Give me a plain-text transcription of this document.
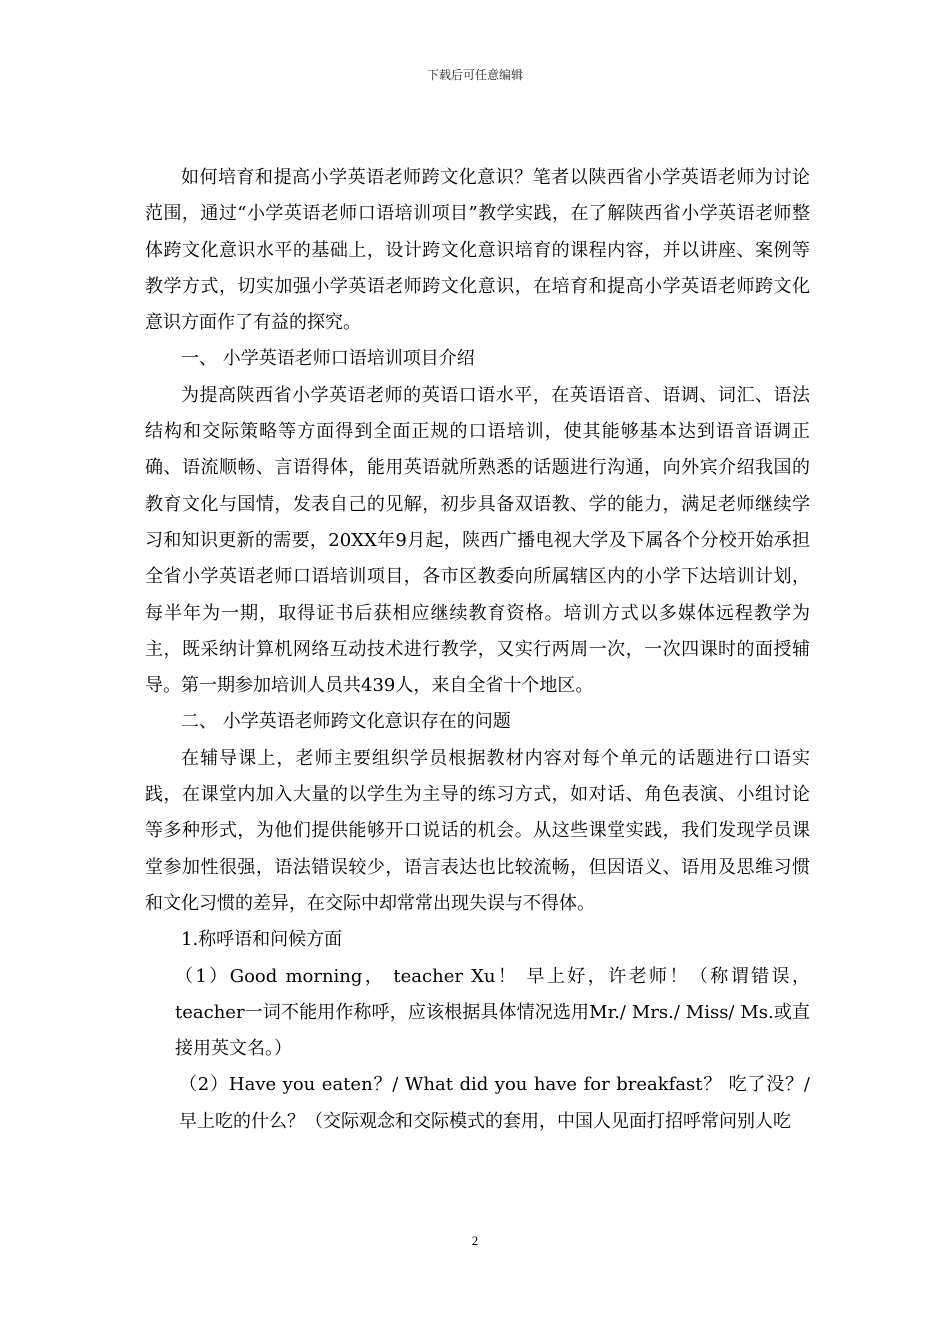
下载后可任意编辑

如何培育和提高小学英语老师跨文化意识？笔者以陕西省小学英语老师为讨论范围，通过“小学英语老师口语培训项目”教学实践，在了解陕西省小学英语老师整体跨文化意识水平的基础上，设计跨文化意识培育的课程内容，并以讲座、案例等教学方式，切实加强小学英语老师跨文化意识，在培育和提高小学英语老师跨文化意识方面作了有益的探究。

一、 小学英语老师口语培训项目介绍

为提高陕西省小学英语老师的英语口语水平，在英语语音、语调、词汇、语法结构和交际策略等方面得到全面正规的口语培训，使其能够基本达到语音语调正确、语流顺畅、言语得体，能用英语就所熟悉的话题进行沟通，向外宾介绍我国的教育文化与国情，发表自己的见解，初步具备双语教、学的能力，满足老师继续学习和知识更新的需要，20XX年9月起，陕西广播电视大学及下属各个分校开始承担全省小学英语老师口语培训项目，各市区教委向所属辖区内的小学下达培训计划，每半年为一期，取得证书后获相应继续教育资格。培训方式以多媒体远程教学为主，既采纳计算机网络互动技术进行教学，又实行两周一次，一次四课时的面授辅导。第一期参加培训人员共439人，来自全省十个地区。

二、 小学英语老师跨文化意识存在的问题

在辅导课上，老师主要组织学员根据教材内容对每个单元的话题进行口语实践，在课堂内加入大量的以学生为主导的练习方式，如对话、角色表演、小组讨论等多种形式，为他们提供能够开口说话的机会。从这些课堂实践，我们发现学员课堂参加性很强，语法错误较少，语言表达也比较流畅，但因语义、语用及思维习惯和文化习惯的差异，在交际中却常常出现失误与不得体。

1.称呼语和问候方面

（1）Good morning， teacher Xu！ 早上好，许老师！（称谓错误，teacher一词不能用作称呼，应该根据具体情况选用Mr./ Mrs./ Miss/ Ms.或直接用英文名。）

（2）Have you eaten？/ What did you have for breakfast？ 吃了没？/早上吃的什么？（交际观念和交际模式的套用，中国人见面打招呼常问别人吃

2
